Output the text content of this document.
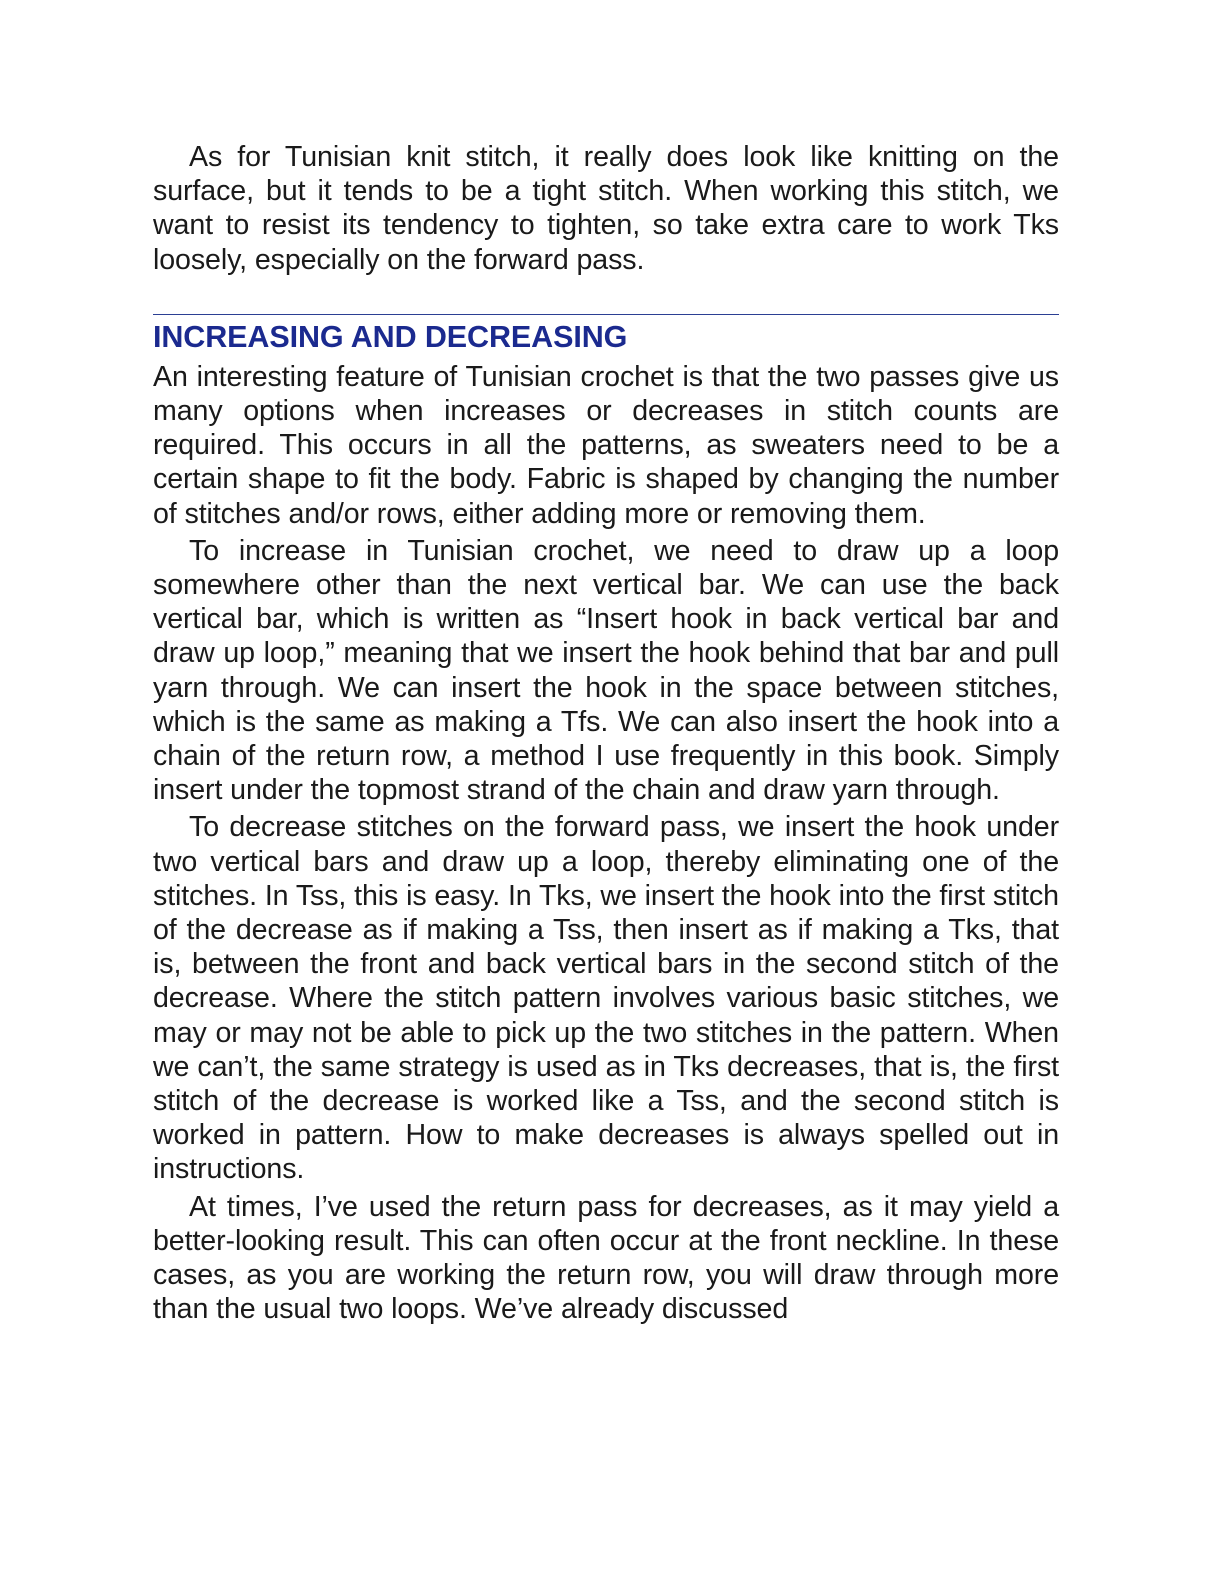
As for Tunisian knit stitch, it really does look like knitting on the surface, but it tends to be a tight stitch. When working this stitch, we want to resist its tendency to tighten, so take extra care to work Tks loosely, especially on the forward pass.

INCREASING AND DECREASING

An interesting feature of Tunisian crochet is that the two passes give us many options when increases or decreases in stitch counts are required. This occurs in all the patterns, as sweaters need to be a certain shape to fit the body. Fabric is shaped by changing the number of stitches and/or rows, either adding more or removing them.

To increase in Tunisian crochet, we need to draw up a loop somewhere other than the next vertical bar. We can use the back vertical bar, which is written as “Insert hook in back vertical bar and draw up loop,” meaning that we insert the hook behind that bar and pull yarn through. We can insert the hook in the space between stitches, which is the same as making a Tfs. We can also insert the hook into a chain of the return row, a method I use frequently in this book. Simply insert under the topmost strand of the chain and draw yarn through.

To decrease stitches on the forward pass, we insert the hook under two vertical bars and draw up a loop, thereby eliminating one of the stitches. In Tss, this is easy. In Tks, we insert the hook into the first stitch of the decrease as if making a Tss, then insert as if making a Tks, that is, between the front and back vertical bars in the second stitch of the decrease. Where the stitch pattern involves various basic stitches, we may or may not be able to pick up the two stitches in the pattern. When we can’t, the same strategy is used as in Tks decreases, that is, the first stitch of the decrease is worked like a Tss, and the second stitch is worked in pattern. How to make decreases is always spelled out in instructions.

At times, I’ve used the return pass for decreases, as it may yield a better-looking result. This can often occur at the front neckline. In these cases, as you are working the return row, you will draw through more than the usual two loops. We’ve already discussed
